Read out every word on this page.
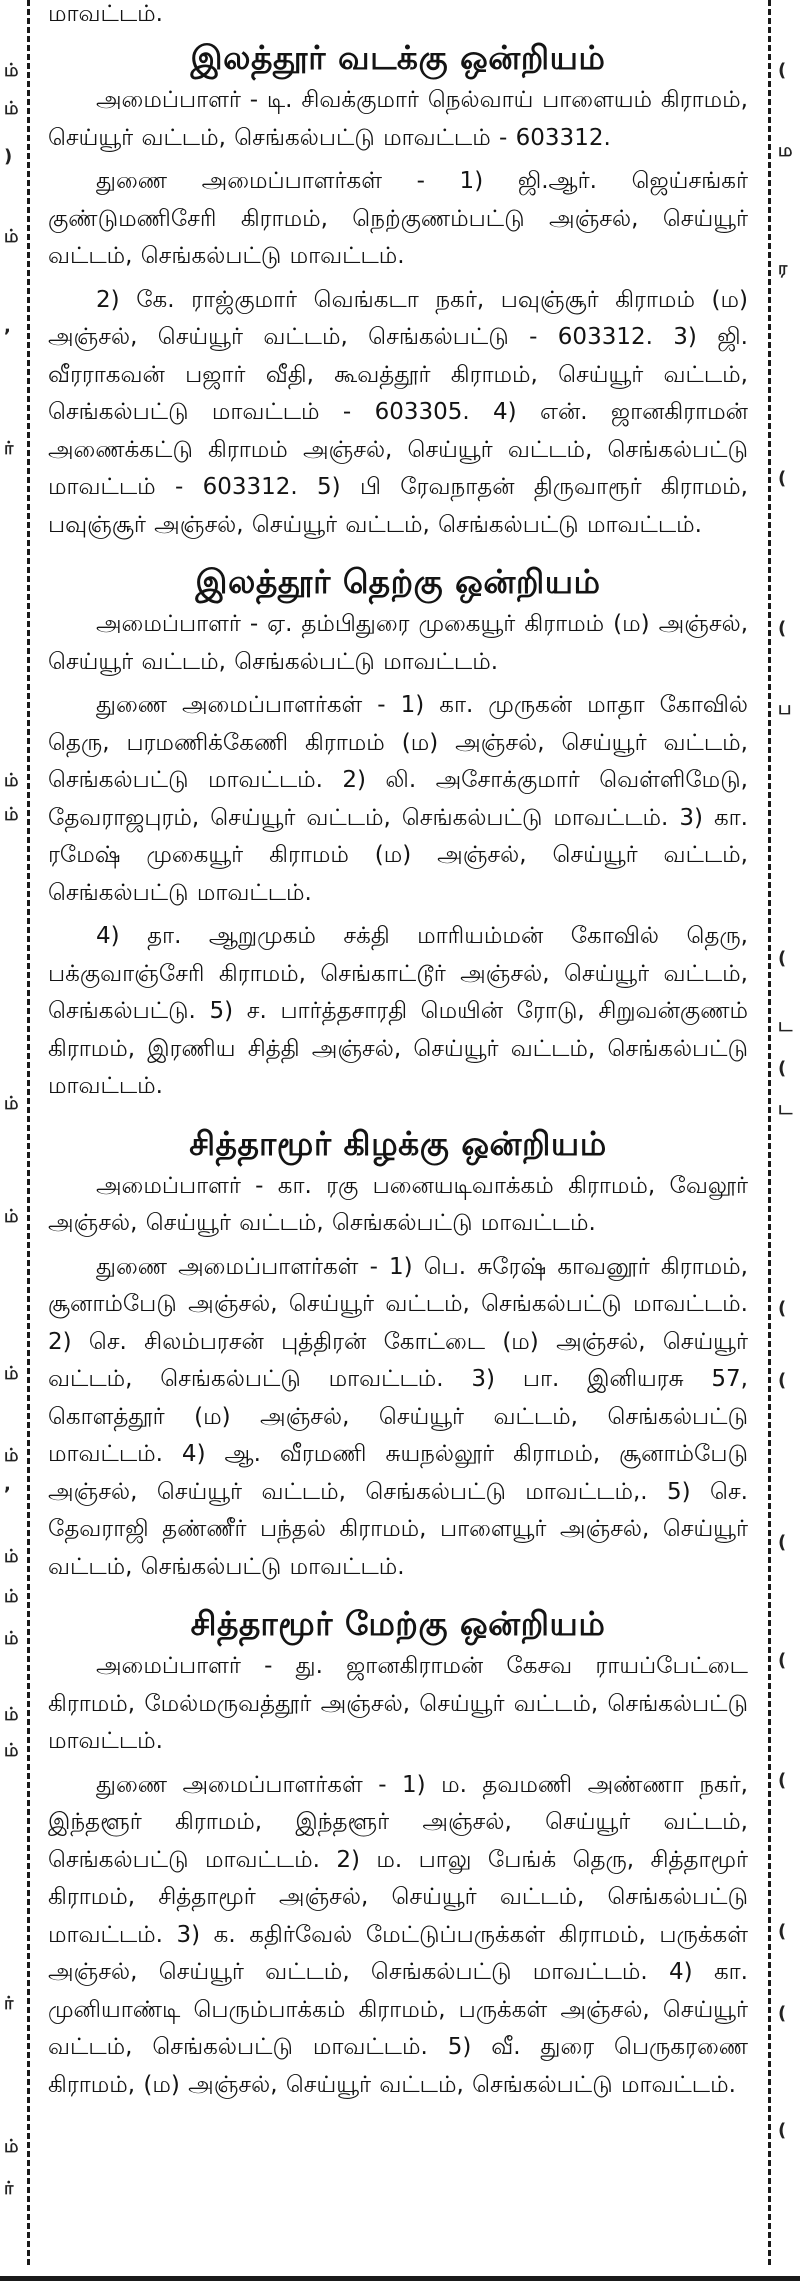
ம்
ம்
)
ம்
,
ர்
ம்
ம்
ம்
ம்
ம்
ம்
,
ம்
ம்
ம்
ம்
ம்
ர்
ம்
ர்
(
ம
ர
(
(
ப
(
ட
(
ட
(
(
(
(
(
(
(
(

மாவட்டம்.

இலத்தூர் வடக்கு ஒன்றியம்

அமைப்பாளர் - டி. சிவக்குமார் நெல்வாய் பாளையம் கிராமம், செய்யூர் வட்டம், செங்கல்பட்டு மாவட்டம் - 603312.

துணை அமைப்பாளர்கள் - 1) ஜி.ஆர். ஜெய்சங்கர் குண்டுமணிசேரி கிராமம், நெற்குணம்பட்டு அஞ்சல், செய்யூர் வட்டம், செங்கல்பட்டு மாவட்டம்.

2) கே. ராஜ்குமார் வெங்கடா நகர், பவுஞ்சூர் கிராமம் (ம) அஞ்சல், செய்யூர் வட்டம், செங்கல்பட்டு - 603312. 3) ஜி. வீரராகவன் பஜார் வீதி, கூவத்தூர் கிராமம், செய்யூர் வட்டம், செங்கல்பட்டு மாவட்டம் - 603305. 4) என். ஜானகிராமன் அணைக்கட்டு கிராமம் அஞ்சல், செய்யூர் வட்டம், செங்கல்பட்டு மாவட்டம் - 603312. 5) பி ரேவநாதன் திருவாரூர் கிராமம், பவுஞ்சூர் அஞ்சல், செய்யூர் வட்டம், செங்கல்பட்டு மாவட்டம்.

இலத்தூர் தெற்கு ஒன்றியம்

அமைப்பாளர் - ஏ. தம்பிதுரை முகையூர் கிராமம் (ம) அஞ்சல், செய்யூர் வட்டம், செங்கல்பட்டு மாவட்டம்.

துணை அமைப்பாளர்கள் - 1) கா. முருகன் மாதா கோவில் தெரு, பரமணிக்கேணி கிராமம் (ம) அஞ்சல், செய்யூர் வட்டம், செங்கல்பட்டு மாவட்டம். 2) லி. அசோக்குமார் வெள்ளிமேடு, தேவராஜபுரம், செய்யூர் வட்டம், செங்கல்பட்டு மாவட்டம். 3) கா. ரமேஷ் முகையூர் கிராமம் (ம) அஞ்சல், செய்யூர் வட்டம், செங்கல்பட்டு மாவட்டம்.

4) தா. ஆறுமுகம் சக்தி மாரியம்மன் கோவில் தெரு, பக்குவாஞ்சேரி கிராமம், செங்காட்டூர் அஞ்சல், செய்யூர் வட்டம், செங்கல்பட்டு. 5) ச. பார்த்தசாரதி மெயின் ரோடு, சிறுவன்குணம் கிராமம், இரணிய சித்தி அஞ்சல், செய்யூர் வட்டம், செங்கல்பட்டு மாவட்டம்.

சித்தாமூர் கிழக்கு ஒன்றியம்

அமைப்பாளர் - கா. ரகு பனையடிவாக்கம் கிராமம், வேலூர் அஞ்சல், செய்யூர் வட்டம், செங்கல்பட்டு மாவட்டம்.

துணை அமைப்பாளர்கள் - 1) பெ. சுரேஷ் காவனூர் கிராமம், சூனாம்பேடு அஞ்சல், செய்யூர் வட்டம், செங்கல்பட்டு மாவட்டம். 2) செ. சிலம்பரசன் புத்திரன் கோட்டை (ம) அஞ்சல், செய்யூர் வட்டம், செங்கல்பட்டு மாவட்டம். 3) பா. இனியரசு 57, கொளத்தூர் (ம) அஞ்சல், செய்யூர் வட்டம், செங்கல்பட்டு மாவட்டம். 4) ஆ. வீரமணி சுயநல்லூர் கிராமம், சூனாம்பேடு அஞ்சல், செய்யூர் வட்டம், செங்கல்பட்டு மாவட்டம்,. 5) செ. தேவராஜி தண்ணீர் பந்தல் கிராமம், பாளையூர் அஞ்சல், செய்யூர் வட்டம், செங்கல்பட்டு மாவட்டம்.

சித்தாமூர் மேற்கு ஒன்றியம்

அமைப்பாளர் - து. ஜானகிராமன் கேசவ ராயப்பேட்டை கிராமம், மேல்மருவத்தூர் அஞ்சல், செய்யூர் வட்டம், செங்கல்பட்டு மாவட்டம்.

துணை அமைப்பாளர்கள் - 1) ம. தவமணி அண்ணா நகர், இந்தளூர் கிராமம், இந்தளூர் அஞ்சல், செய்யூர் வட்டம், செங்கல்பட்டு மாவட்டம். 2) ம. பாலு பேங்க் தெரு, சித்தாமூர் கிராமம், சித்தாமூர் அஞ்சல், செய்யூர் வட்டம், செங்கல்பட்டு மாவட்டம். 3) க. கதிர்வேல் மேட்டுப்பருக்கள் கிராமம், பருக்கள் அஞ்சல், செய்யூர் வட்டம், செங்கல்பட்டு மாவட்டம். 4) கா. முனியாண்டி பெரும்பாக்கம் கிராமம், பருக்கள் அஞ்சல், செய்யூர் வட்டம், செங்கல்பட்டு மாவட்டம். 5) வீ. துரை பெருகரணை கிராமம், (ம) அஞ்சல், செய்யூர் வட்டம், செங்கல்பட்டு மாவட்டம்.
